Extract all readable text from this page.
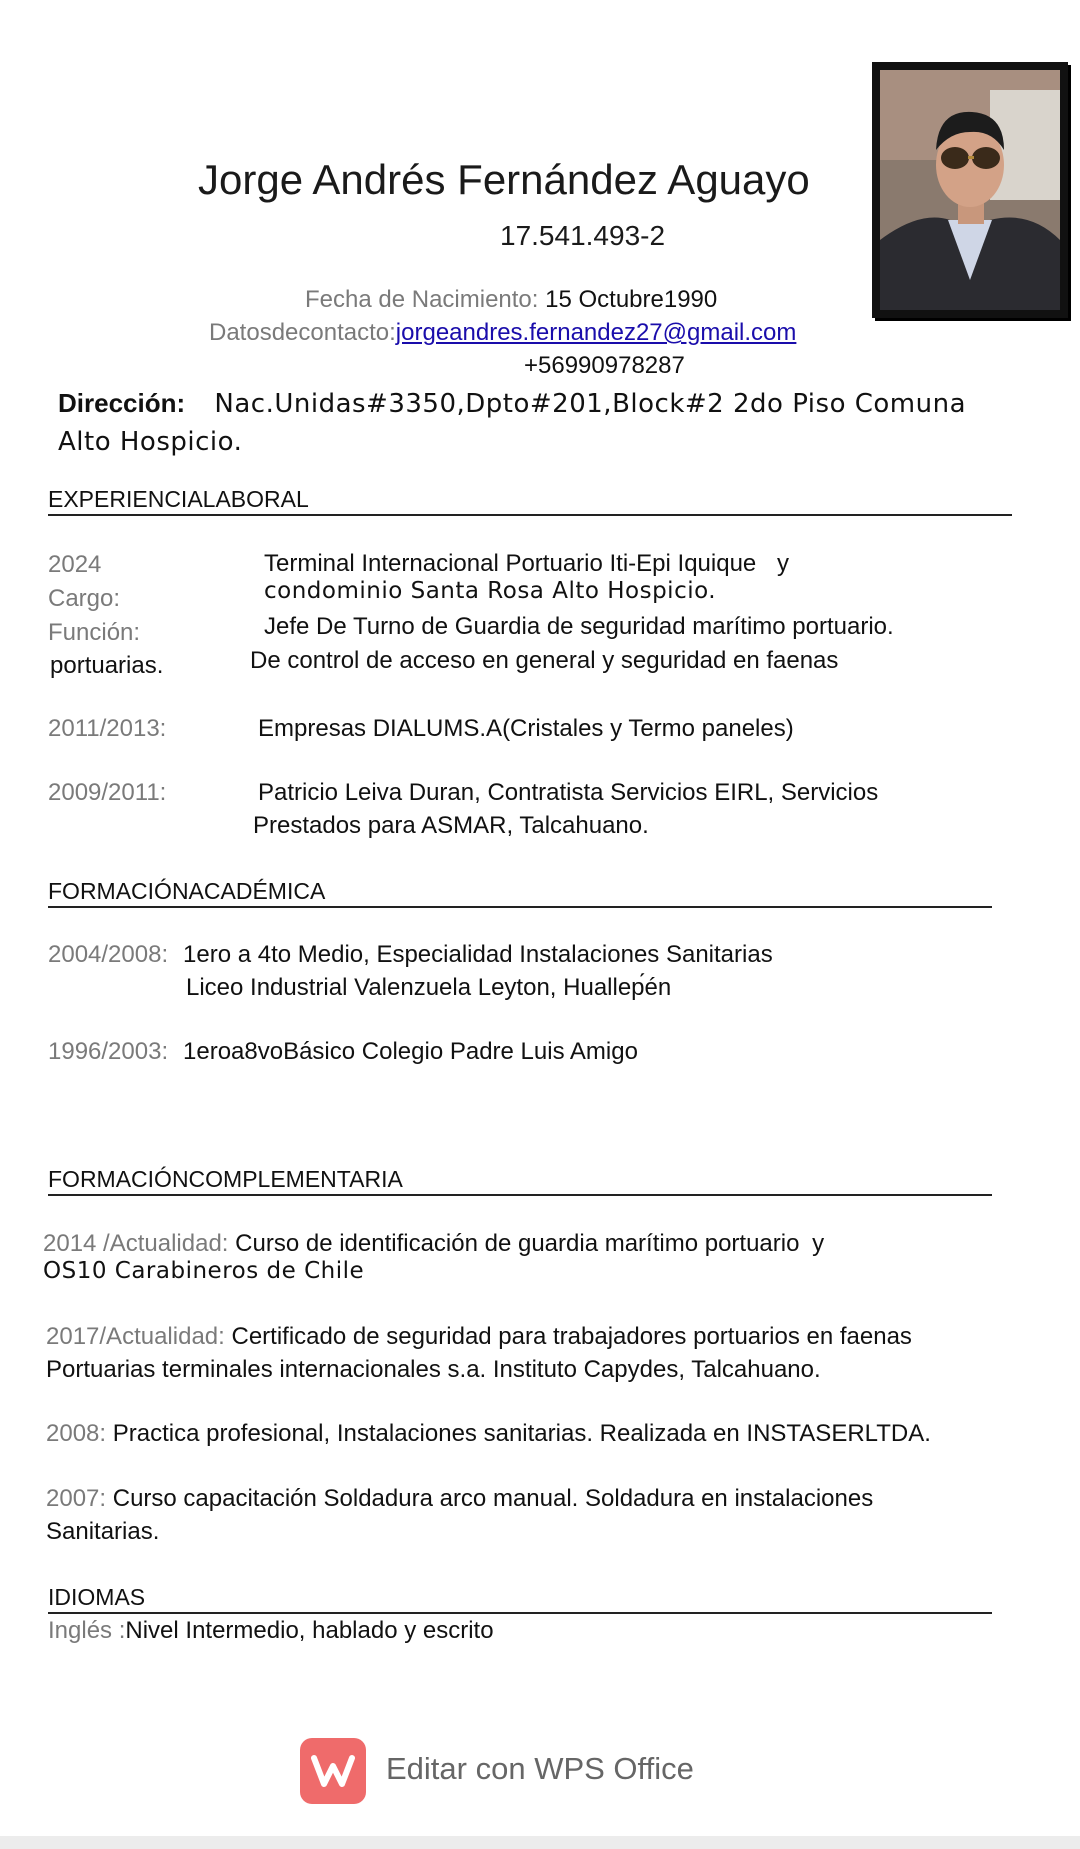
Jorge Andrés Fernández Aguayo
17.541.493-2
Fecha de Nacimiento: 15 Octubre1990
Datosdecontacto:jorgeandres.fernandez27@gmail.com
+56990978287
Dirección: Nac.Unidas#3350,Dpto#201,Block#2 2do Piso Comuna
Alto Hospicio.
EXPERIENCIALABORAL
2024
Cargo:
Función:
Terminal Internacional Portuario Iti-Epi Iquique y
condominio Santa Rosa Alto Hospicio.
Jefe De Turno de Guardia de seguridad marítimo portuario.
De control de acceso en general y seguridad en faenas
portuarias.
2011/2013:	Empresas DIALUMS.A(Cristales y Termo paneles)
2009/2011:	Patricio Leiva Duran, Contratista Servicios EIRL, Servicios
Prestados para ASMAR, Talcahuano.
FORMACIÓNACADÉMICA
2004/2008: 1ero a 4to Medio, Especialidad Instalaciones Sanitarias
Liceo Industrial Valenzuela Leyton, Hualleр́én
1996/2003: 1eroa8voBásico Colegio Padre Luis Amigo
FORMACIÓNCOMPLEMENTARIA
2014 /Actualidad: Curso de identificación de guardia marítimo portuario y
OS10 Carabineros de Chile
2017/Actualidad: Certificado de seguridad para trabajadores portuarios en faenas
Portuarias terminales internacionales s.a. Instituto Capydes, Talcahuano.
2008: Practica profesional, Instalaciones sanitarias. Realizada en INSTASERLTDA.
2007: Curso capacitación Soldadura arco manual. Soldadura en instalaciones
Sanitarias.
IDIOMAS
Inglés :Nivel Intermedio, hablado y escrito
Editar con WPS Office
